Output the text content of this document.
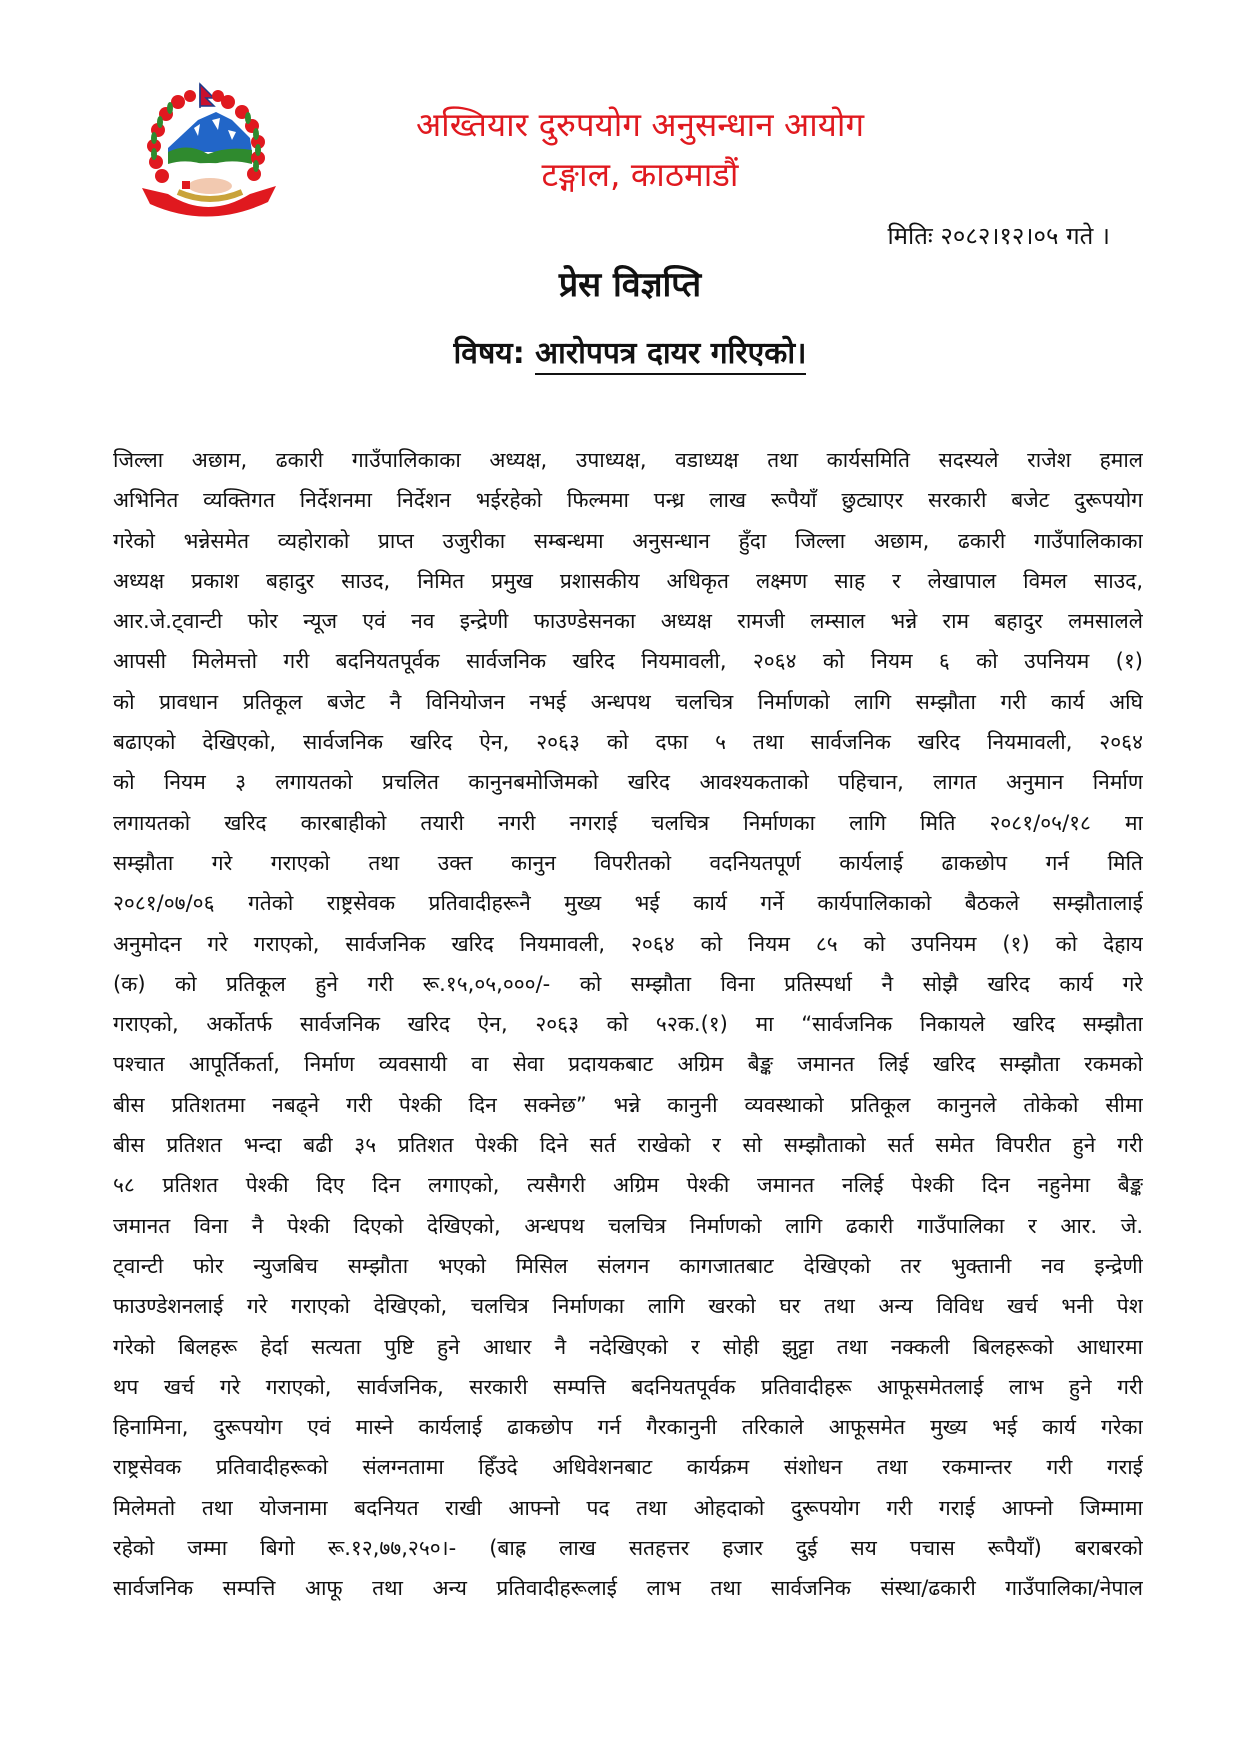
अख्तियार दुरुपयोग अनुसन्धान आयोग
टङ्गाल, काठमाडौं
मितिः २०८२।१२।०५ गते ।
प्रेस विज्ञप्ति
विषय: आरोपपत्र दायर गरिएको।
जिल्ला अछाम, ढकारी गाउँपालिकाका अध्यक्ष, उपाध्यक्ष, वडाध्यक्ष तथा कार्यसमिति सदस्यले राजेश हमाल
अभिनित व्यक्तिगत निर्देशनमा निर्देशन भईरहेको फिल्ममा पन्ध्र लाख रूपैयाँ छुट्याएर सरकारी बजेट दुरूपयोग
गरेको भन्नेसमेत व्यहोराको प्राप्त उजुरीका सम्बन्धमा अनुसन्धान हुँदा जिल्ला अछाम, ढकारी गाउँपालिकाका
अध्यक्ष प्रकाश बहादुर साउद, निमित प्रमुख प्रशासकीय अधिकृत लक्ष्मण साह र लेखापाल विमल साउद,
आर.जे.ट्वान्टी फोर न्यूज एवं नव इन्द्रेणी फाउण्डेसनका अध्यक्ष रामजी लम्साल भन्ने राम बहादुर लमसालले
आपसी मिलेमत्तो गरी बदनियतपूर्वक सार्वजनिक खरिद नियमावली, २०६४ को नियम ६ को उपनियम (१)
को प्रावधान प्रतिकूल बजेट नै विनियोजन नभई अन्धपथ चलचित्र निर्माणको लागि सम्झौता गरी कार्य अघि
बढाएको देखिएको, सार्वजनिक खरिद ऐन, २०६३ को दफा ५ तथा सार्वजनिक खरिद नियमावली, २०६४
को नियम ३ लगायतको प्रचलित कानुनबमोजिमको खरिद आवश्यकताको पहिचान, लागत अनुमान निर्माण
लगायतको खरिद कारबाहीको तयारी नगरी नगराई चलचित्र निर्माणका लागि मिति २०८१/०५/१८ मा
सम्झौता गरे गराएको तथा उक्त कानुन विपरीतको वदनियतपूर्ण कार्यलाई ढाकछोप गर्न मिति
२०८१/०७/०६ गतेको राष्ट्रसेवक प्रतिवादीहरूनै मुख्य भई कार्य गर्ने कार्यपालिकाको बैठकले सम्झौतालाई
अनुमोदन गरे गराएको, सार्वजनिक खरिद नियमावली, २०६४ को नियम ८५ को उपनियम (१) को देहाय
(क) को प्रतिकूल हुने गरी रू.१५,०५,०००/- को सम्झौता विना प्रतिस्पर्धा नै सोझै खरिद कार्य गरे
गराएको, अर्कोतर्फ सार्वजनिक खरिद ऐन, २०६३ को ५२क.(१) मा “सार्वजनिक निकायले खरिद सम्झौता
पश्चात आपूर्तिकर्ता, निर्माण व्यवसायी वा सेवा प्रदायकबाट अग्रिम बैङ्क जमानत लिई खरिद सम्झौता रकमको
बीस प्रतिशतमा नबढ्ने गरी पेश्की दिन सक्नेछ” भन्ने कानुनी व्यवस्थाको प्रतिकूल कानुनले तोकेको सीमा
बीस प्रतिशत भन्दा बढी ३५ प्रतिशत पेश्की दिने सर्त राखेको र सो सम्झौताको सर्त समेत विपरीत हुने गरी
५८ प्रतिशत पेश्की दिए दिन लगाएको, त्यसैगरी अग्रिम पेश्की जमानत नलिई पेश्की दिन नहुनेमा बैङ्क
जमानत विना नै पेश्की दिएको देखिएको, अन्धपथ चलचित्र निर्माणको लागि ढकारी गाउँपालिका र आर. जे.
ट्वान्टी फोर न्युजबिच सम्झौता भएको मिसिल संलगन कागजातबाट देखिएको तर भुक्तानी नव इन्द्रेणी
फाउण्डेशनलाई गरे गराएको देखिएको, चलचित्र निर्माणका लागि खरको घर तथा अन्य विविध खर्च भनी पेश
गरेको बिलहरू हेर्दा सत्यता पुष्टि हुने आधार नै नदेखिएको र सोही झुट्टा तथा नक्कली बिलहरूको आधारमा
थप खर्च गरे गराएको, सार्वजनिक, सरकारी सम्पत्ति बदनियतपूर्वक प्रतिवादीहरू आफूसमेतलाई लाभ हुने गरी
हिनामिना, दुरूपयोग एवं मास्ने कार्यलाई ढाकछोप गर्न गैरकानुनी तरिकाले आफूसमेत मुख्य भई कार्य गरेका
राष्ट्रसेवक प्रतिवादीहरूको संलग्नतामा हिँउदे अधिवेशनबाट कार्यक्रम संशोधन तथा रकमान्तर गरी गराई
मिलेमतो तथा योजनामा बदनियत राखी आफ्नो पद तथा ओहदाको दुरूपयोग गरी गराई आफ्नो जिम्मामा
रहेको जम्मा बिगो रू.१२,७७,२५०।- (बाह्र लाख सतहत्तर हजार दुई सय पचास रूपैयाँ) बराबरको
सार्वजनिक सम्पत्ति आफू तथा अन्य प्रतिवादीहरूलाई लाभ तथा सार्वजनिक संस्था/ढकारी गाउँपालिका/नेपाल
